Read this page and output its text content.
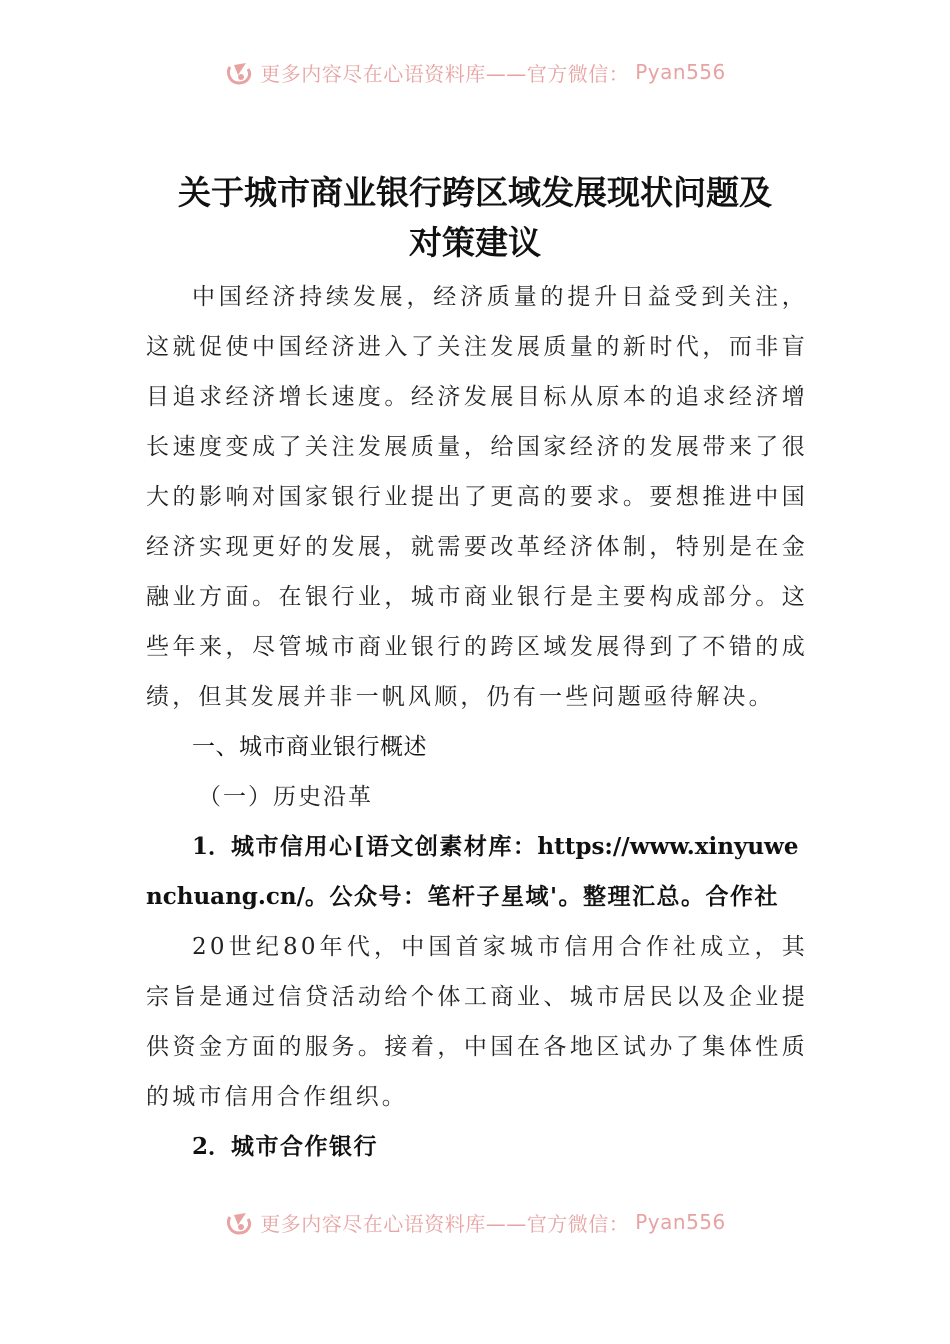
更多内容尽在心语资料库——官方微信： Pyan556
关于城市商业银行跨区域发展现状问题及
对策建议

中国经济持续发展，经济质量的提升日益受到关注，这就促使中国经济进入了关注发展质量的新时代，而非盲目追求经济增长速度。经济发展目标从原本的追求经济增长速度变成了关注发展质量，给国家经济的发展带来了很大的影响对国家银行业提出了更高的要求。要想推进中国经济实现更好的发展，就需要改革经济体制，特别是在金融业方面。在银行业，城市商业银行是主要构成部分。这些年来，尽管城市商业银行的跨区域发展得到了不错的成绩，但其发展并非一帆风顺，仍有一些问题亟待解决。

一、城市商业银行概述

（一）历史沿革

1．城市信用心[语文创素材库：https://www.xinyuwenchuang.cn/。公众号：笔杆子星域'。整理汇总。合作社

20世纪80年代，中国首家城市信用合作社成立，其宗旨是通过信贷活动给个体工商业、城市居民以及企业提供资金方面的服务。接着，中国在各地区试办了集体性质的城市信用合作组织。

2．城市合作银行

更多内容尽在心语资料库——官方微信： Pyan556
